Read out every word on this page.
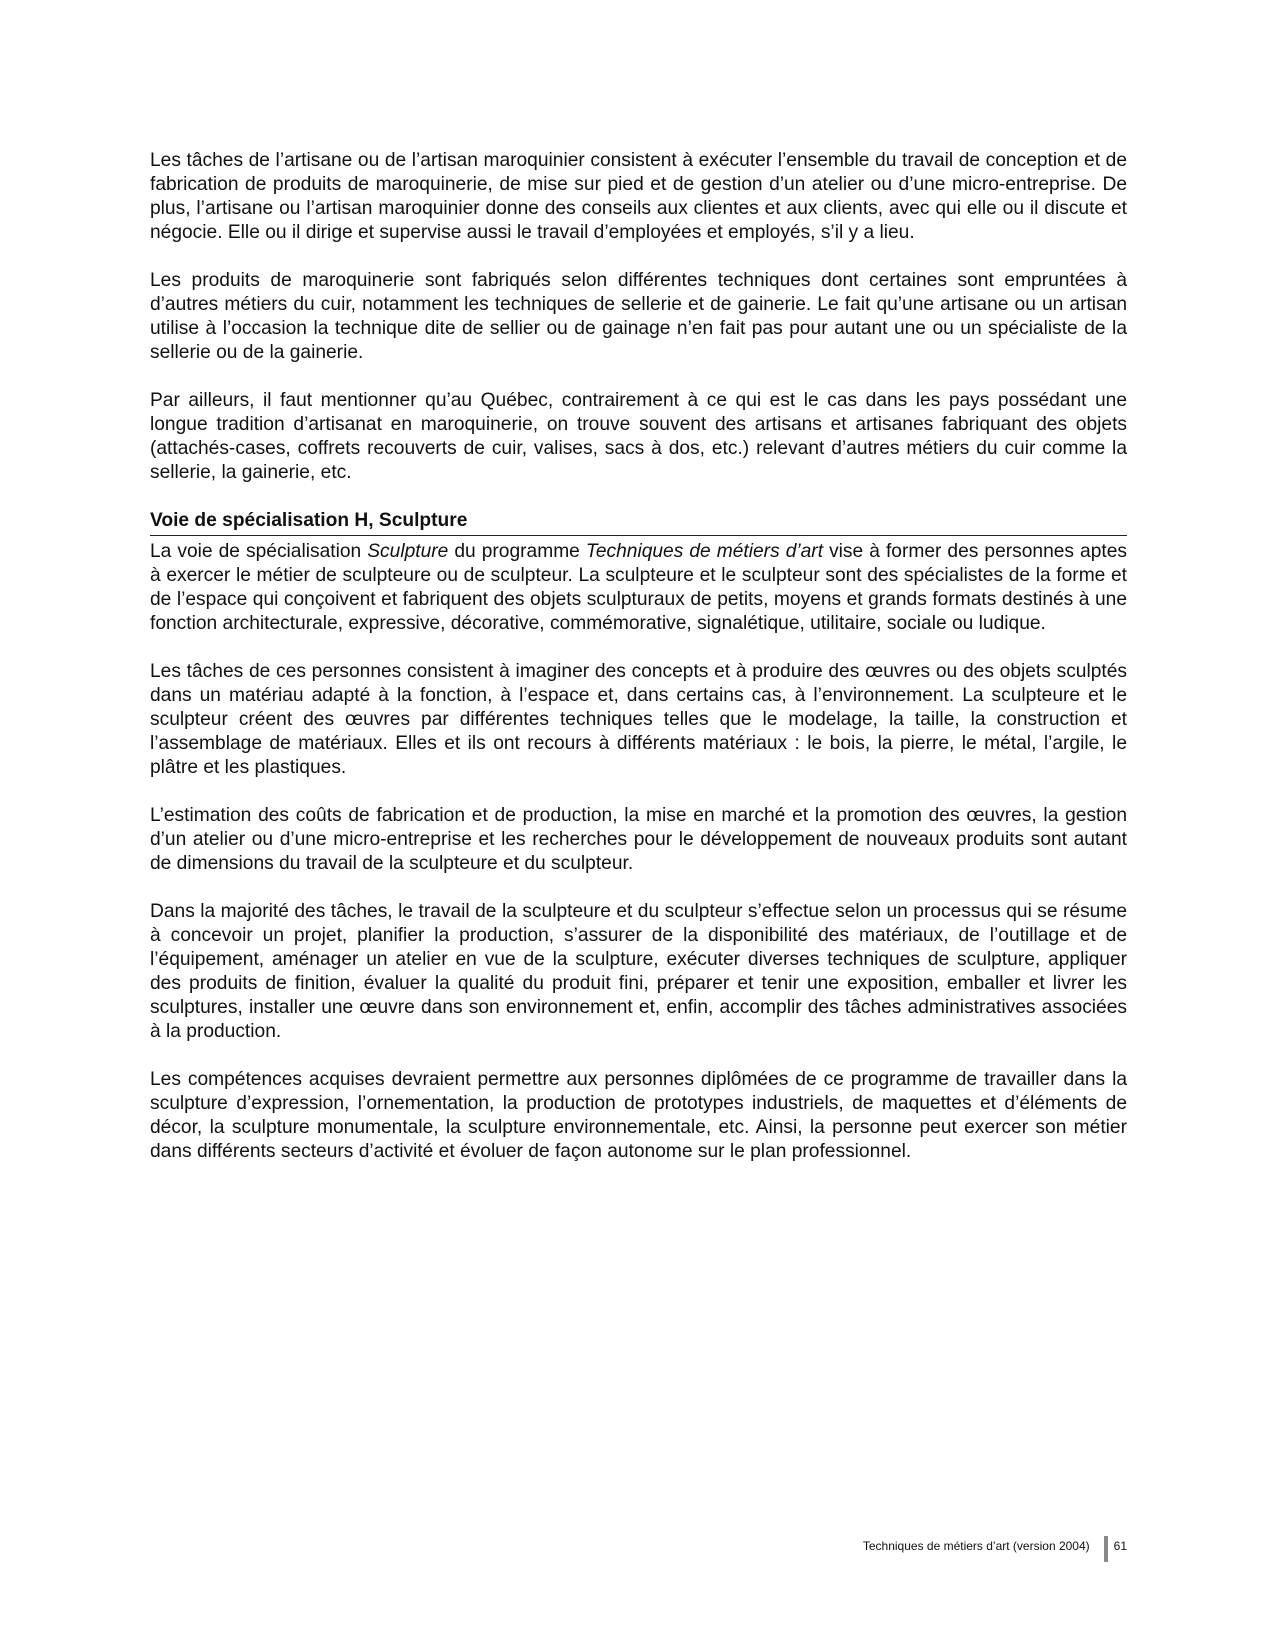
Les tâches de l’artisane ou de l’artisan maroquinier consistent à exécuter l’ensemble du travail de conception et de fabrication de produits de maroquinerie, de mise sur pied et de gestion d’un atelier ou d’une micro-entreprise. De plus, l’artisane ou l’artisan maroquinier donne des conseils aux clientes et aux clients, avec qui elle ou il discute et négocie. Elle ou il dirige et supervise aussi le travail d’employées et employés, s’il y a lieu.

Les produits de maroquinerie sont fabriqués selon différentes techniques dont certaines sont empruntées à d’autres métiers du cuir, notamment les techniques de sellerie et de gainerie. Le fait qu’une artisane ou un artisan utilise à l’occasion la technique dite de sellier ou de gainage n’en fait pas pour autant une ou un spécialiste de la sellerie ou de la gainerie.

Par ailleurs, il faut mentionner qu’au Québec, contrairement à ce qui est le cas dans les pays possédant une longue tradition d’artisanat en maroquinerie, on trouve souvent des artisans et artisanes fabriquant des objets (attachés-cases, coffrets recouverts de cuir, valises, sacs à dos, etc.) relevant d’autres métiers du cuir comme la sellerie, la gainerie, etc.

Voie de spécialisation H, Sculpture

La voie de spécialisation Sculpture du programme Techniques de métiers d’art vise à former des personnes aptes à exercer le métier de sculpteure ou de sculpteur. La sculpteure et le sculpteur sont des spécialistes de la forme et de l’espace qui conçoivent et fabriquent des objets sculpturaux de petits, moyens et grands formats destinés à une fonction architecturale, expressive, décorative, commémorative, signalétique, utilitaire, sociale ou ludique.

Les tâches de ces personnes consistent à imaginer des concepts et à produire des œuvres ou des objets sculptés dans un matériau adapté à la fonction, à l’espace et, dans certains cas, à l’environnement. La sculpteure et le sculpteur créent des œuvres par différentes techniques telles que le modelage, la taille, la construction et l’assemblage de matériaux. Elles et ils ont recours à différents matériaux : le bois, la pierre, le métal, l’argile, le plâtre et les plastiques.

L’estimation des coûts de fabrication et de production, la mise en marché et la promotion des œuvres, la gestion d’un atelier ou d’une micro-entreprise et les recherches pour le développement de nouveaux produits sont autant de dimensions du travail de la sculpteure et du sculpteur.

Dans la majorité des tâches, le travail de la sculpteure et du sculpteur s’effectue selon un processus qui se résume à concevoir un projet, planifier la production, s’assurer de la disponibilité des matériaux, de l’outillage et de l’équipement, aménager un atelier en vue de la sculpture, exécuter diverses techniques de sculpture, appliquer des produits de finition, évaluer la qualité du produit fini, préparer et tenir une exposition, emballer et livrer les sculptures, installer une œuvre dans son environnement et, enfin, accomplir des tâches administratives associées à la production.

Les compétences acquises devraient permettre aux personnes diplômées de ce programme de travailler dans la sculpture d’expression, l’ornementation, la production de prototypes industriels, de maquettes et d’éléments de décor, la sculpture monumentale, la sculpture environnementale, etc. Ainsi, la personne peut exercer son métier dans différents secteurs d’activité et évoluer de façon autonome sur le plan professionnel.

Techniques de métiers d’art (version 2004) 61
